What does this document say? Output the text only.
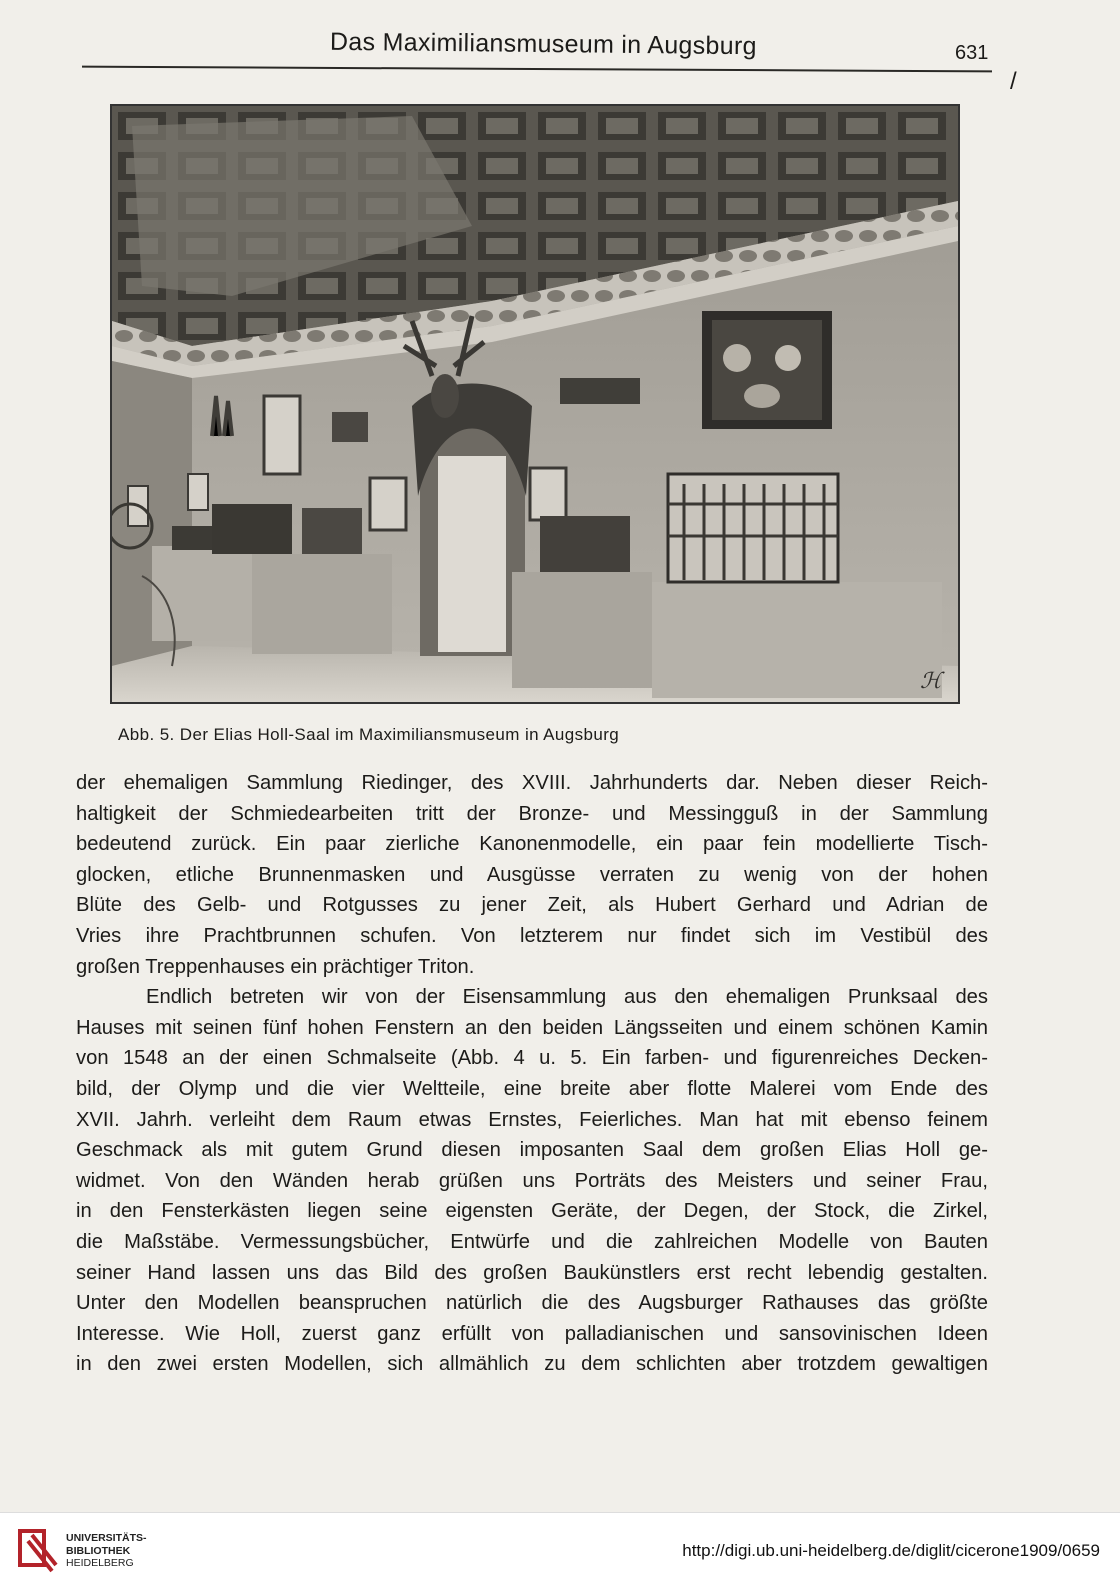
Das Maximiliansmuseum in Augsburg	631
/
ℋ
Abb. 5. Der Elias Holl-Saal im Maximiliansmuseum in Augsburg
der ehemaligen Sammlung Riedinger, des XVIII. Jahrhunderts dar. Neben dieser Reich-
haltigkeit der Schmiedearbeiten tritt der Bronze- und Messingguß in der Sammlung
bedeutend zurück. Ein paar zierliche Kanonenmodelle, ein paar fein modellierte Tisch-
glocken, etliche Brunnenmasken und Ausgüsse verraten zu wenig von der hohen
Blüte des Gelb- und Rotgusses zu jener Zeit, als Hubert Gerhard und Adrian de
Vries ihre Prachtbrunnen schufen. Von letzterem nur findet sich im Vestibül des
großen Treppenhauses ein prächtiger Triton.
Endlich betreten wir von der Eisensammlung aus den ehemaligen Prunksaal des
Hauses mit seinen fünf hohen Fenstern an den beiden Längsseiten und einem schönen Kamin
von 1548 an der einen Schmalseite (Abb. 4 u. 5. Ein farben- und figurenreiches Decken-
bild, der Olymp und die vier Weltteile, eine breite aber flotte Malerei vom Ende des
XVII. Jahrh. verleiht dem Raum etwas Ernstes, Feierliches. Man hat mit ebenso feinem
Geschmack als mit gutem Grund diesen imposanten Saal dem großen Elias Holl ge-
widmet. Von den Wänden herab grüßen uns Porträts des Meisters und seiner Frau,
in den Fensterkästen liegen seine eigensten Geräte, der Degen, der Stock, die Zirkel,
die Maßstäbe. Vermessungsbücher, Entwürfe und die zahlreichen Modelle von Bauten
seiner Hand lassen uns das Bild des großen Baukünstlers erst recht lebendig gestalten.
Unter den Modellen beanspruchen natürlich die des Augsburger Rathauses das größte
Interesse. Wie Holl, zuerst ganz erfüllt von palladianischen und sansovinischen Ideen
in den zwei ersten Modellen, sich allmählich zu dem schlichten aber trotzdem gewaltigen
UNIVERSITÄTS-
BIBLIOTHEK
HEIDELBERG
http://digi.ub.uni-heidelberg.de/diglit/cicerone1909/0659
